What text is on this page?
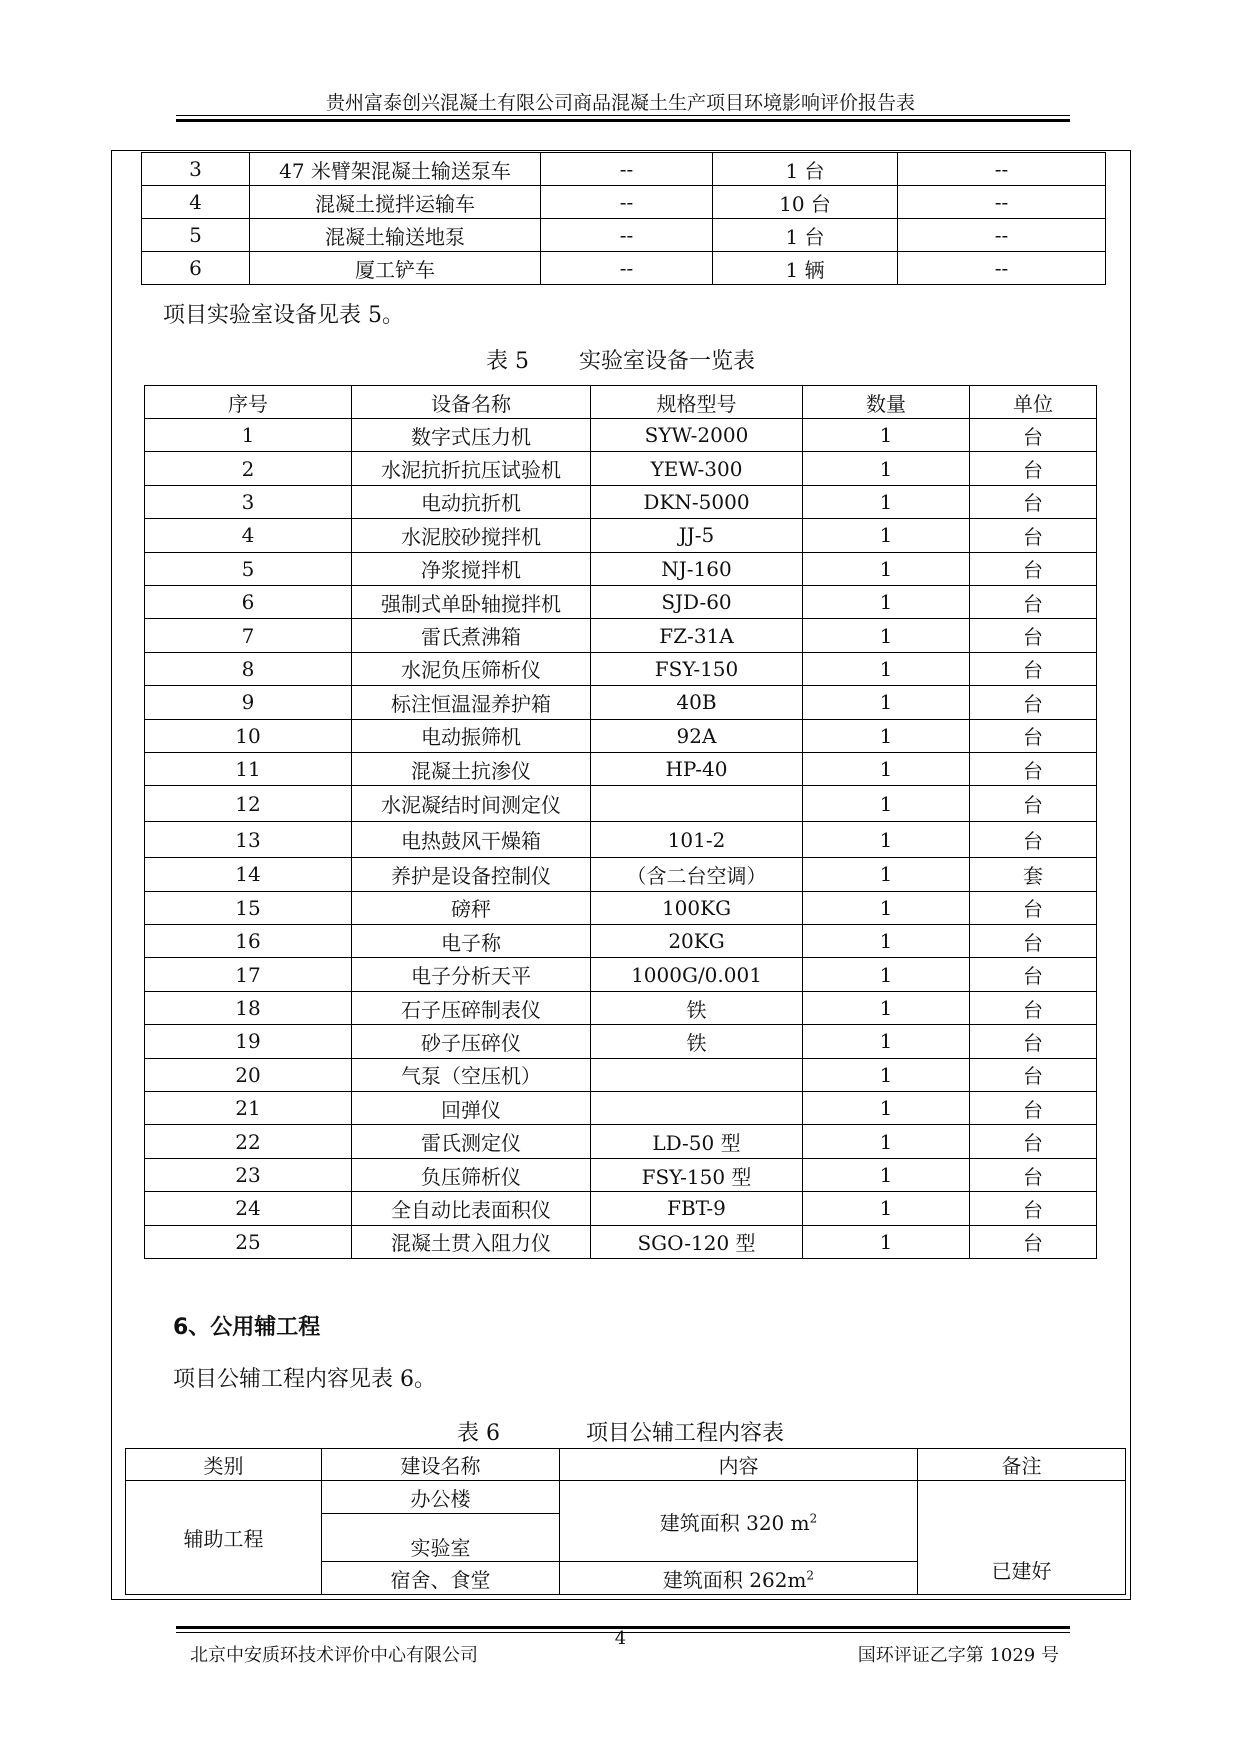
贵州富泰创兴混凝土有限公司商品混凝土生产项目环境影响评价报告表
3	47 米臂架混凝土输送泵车	--	1 台	--
4	混凝土搅拌运输车	--	10 台	--
5	混凝土输送地泵	--	1 台	--
6	厦工铲车	--	1 辆	--
项目实验室设备见表 5。
表 5 实验室设备一览表
序号	设备名称	规格型号	数量	单位
1	数字式压力机	SYW-2000	1	台
2	水泥抗折抗压试验机	YEW-300	1	台
3	电动抗折机	DKN-5000	1	台
4	水泥胶砂搅拌机	JJ-5	1	台
5	净浆搅拌机	NJ-160	1	台
6	强制式单卧轴搅拌机	SJD-60	1	台
7	雷氏煮沸箱	FZ-31A	1	台
8	水泥负压筛析仪	FSY-150	1	台
9	标注恒温湿养护箱	40B	1	台
10	电动振筛机	92A	1	台
11	混凝土抗渗仪	HP-40	1	台
12	水泥凝结时间测定仪		1	台
13	电热鼓风干燥箱	101-2	1	台
14	养护是设备控制仪	（含二台空调）	1	套
15	磅秤	100KG	1	台
16	电子称	20KG	1	台
17	电子分析天平	1000G/0.001	1	台
18	石子压碎制表仪	铁	1	台
19	砂子压碎仪	铁	1	台
20	气泵（空压机）		1	台
21	回弹仪		1	台
22	雷氏测定仪	LD-50 型	1	台
23	负压筛析仪	FSY-150 型	1	台
24	全自动比表面积仪	FBT-9	1	台
25	混凝土贯入阻力仪	SGO-120 型	1	台
6、公用辅工程
项目公辅工程内容见表 6。
表 6	项目公辅工程内容表
类别	建设名称	内容	备注
辅助工程	办公楼	建筑面积 320 $m^2$	已建好
	实验室		
	宿舍、食堂	建筑面积 $262m^2$
4
北京中安质环技术评价中心有限公司	国环评证乙字第 1029 号
